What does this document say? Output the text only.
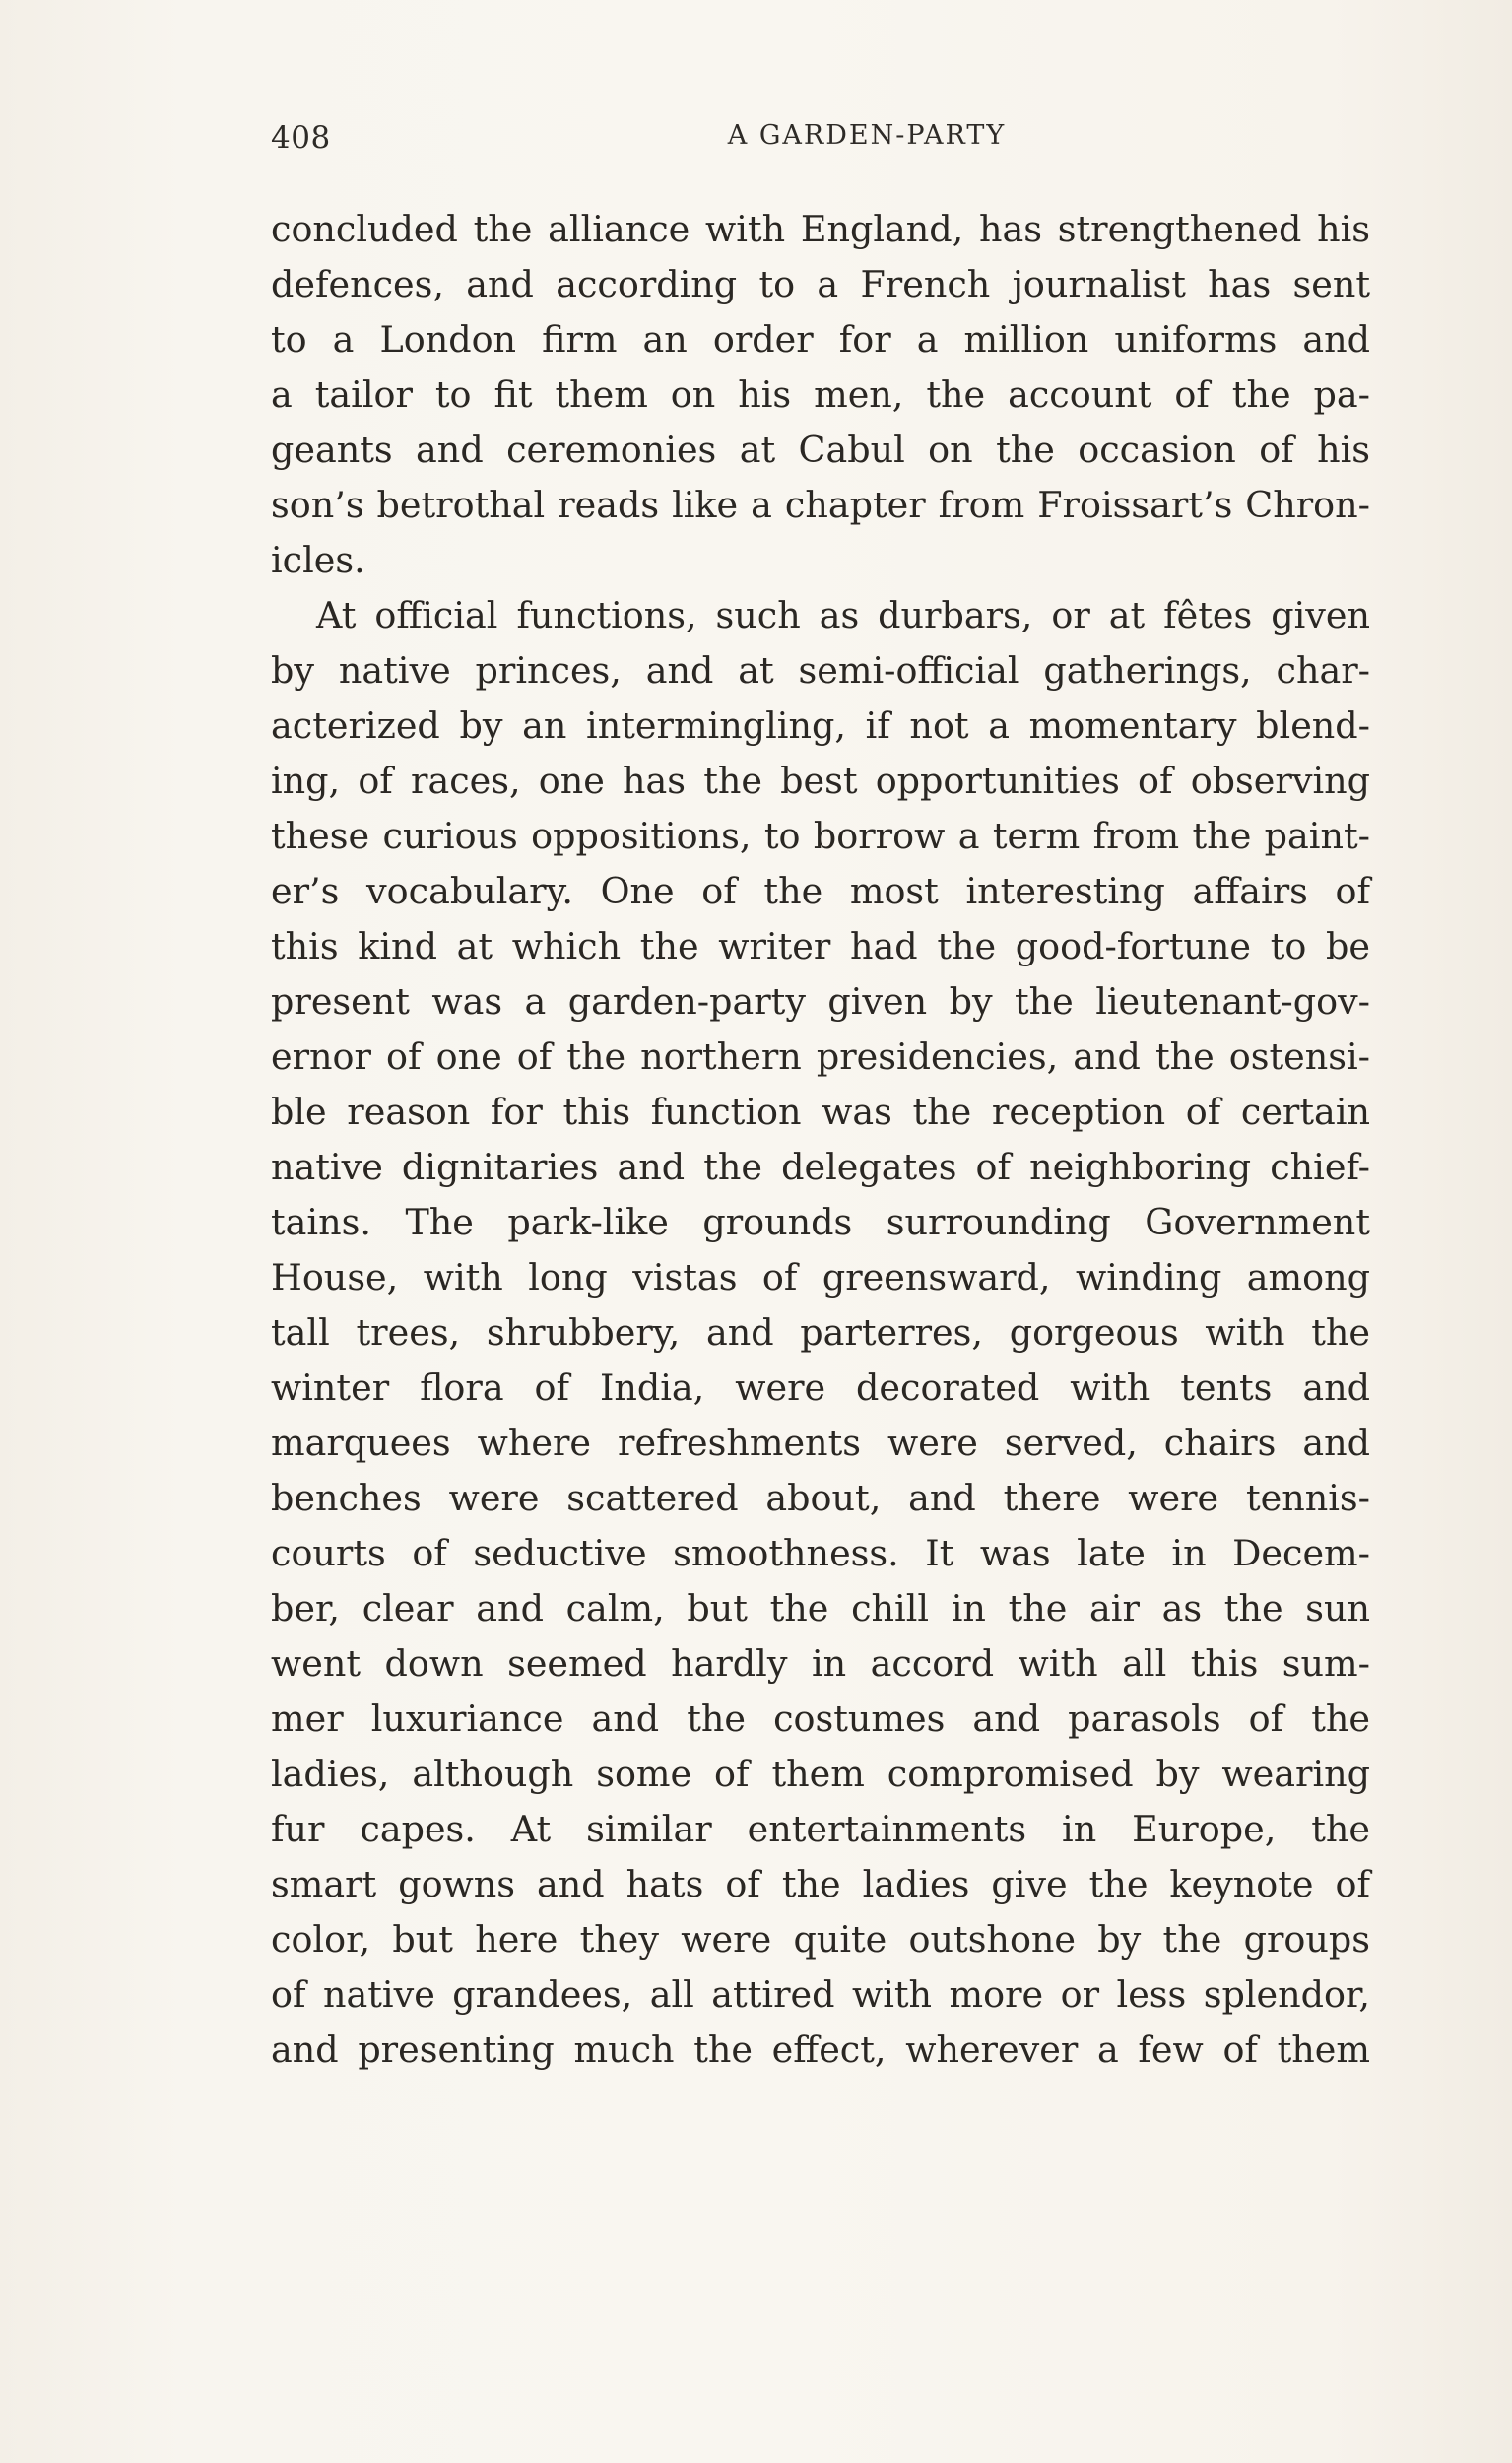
408	A GARDEN-PARTY
concluded the alliance with England, has strengthened his
defences, and according to a French journalist has sent
to a London firm an order for a million uniforms and
a tailor to fit them on his men, the account of the pa-
geants and ceremonies at Cabul on the occasion of his
son’s betrothal reads like a chapter from Froissart’s Chron-
icles.
At official functions, such as durbars, or at fêtes given
by native princes, and at semi-official gatherings, char-
acterized by an intermingling, if not a momentary blend-
ing, of races, one has the best opportunities of observing
these curious oppositions, to borrow a term from the paint-
er’s vocabulary. One of the most interesting affairs of
this kind at which the writer had the good-fortune to be
present was a garden-party given by the lieutenant-gov-
ernor of one of the northern presidencies, and the ostensi-
ble reason for this function was the reception of certain
native dignitaries and the delegates of neighboring chief-
tains. The park-like grounds surrounding Government
House, with long vistas of greensward, winding among
tall trees, shrubbery, and parterres, gorgeous with the
winter flora of India, were decorated with tents and
marquees where refreshments were served, chairs and
benches were scattered about, and there were tennis-
courts of seductive smoothness. It was late in Decem-
ber, clear and calm, but the chill in the air as the sun
went down seemed hardly in accord with all this sum-
mer luxuriance and the costumes and parasols of the
ladies, although some of them compromised by wearing
fur capes. At similar entertainments in Europe, the
smart gowns and hats of the ladies give the keynote of
color, but here they were quite outshone by the groups
of native grandees, all attired with more or less splendor,
and presenting much the effect, wherever a few of them
